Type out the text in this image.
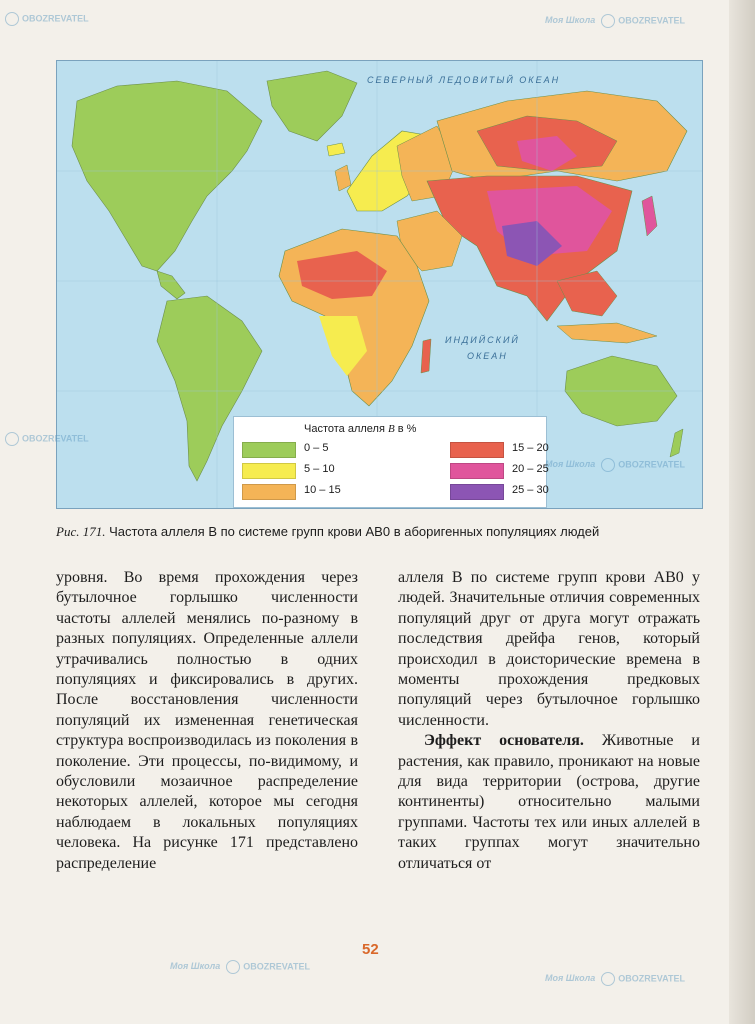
СЕВЕРНЫЙ ЛЕДОВИТЫЙ ОКЕАН
ИНДИЙСКИЙ
ОКЕАН
Частота аллеля B в %
0 – 5
5 – 10
10 – 15
15 – 20
20 – 25
25 – 30
Рис. 171. Частота аллеля B по системе групп крови AB0 в аборигенных популяциях людей

уровня. Во время прохождения через бутылочное горлышко численности частоты аллелей менялись по-разному в разных популяциях. Определенные аллели утрачивались полностью в одних популяциях и фиксировались в других. После восстановления численности популяций их измененная генетическая структура воспроизводилась из поколения в поколение. Эти процессы, по-видимому, и обусловили мозаичное распределение некоторых аллелей, которое мы сегодня наблюдаем в локальных популяциях человека. На рисунке 171 представлено распределение

аллеля B по системе групп крови AB0 у людей. Значительные отличия современных популяций друг от друга могут отражать последствия дрейфа генов, который происходил в доисторические времена в моменты прохождения предковых популяций через бутылочное горлышко численности.

Эффект основателя. Животные и растения, как правило, проникают на новые для вида территории (острова, другие континенты) относительно малыми группами. Частоты тех или иных аллелей в таких группах могут значительно отличаться от

52
OBOZREVATEL	Моя Школа	OBOZREVATEL
OBOZREVATEL
Моя Школа	OBOZREVATEL
Моя Школа	OBOZREVATEL
Моя Школа	OBOZREVATEL
